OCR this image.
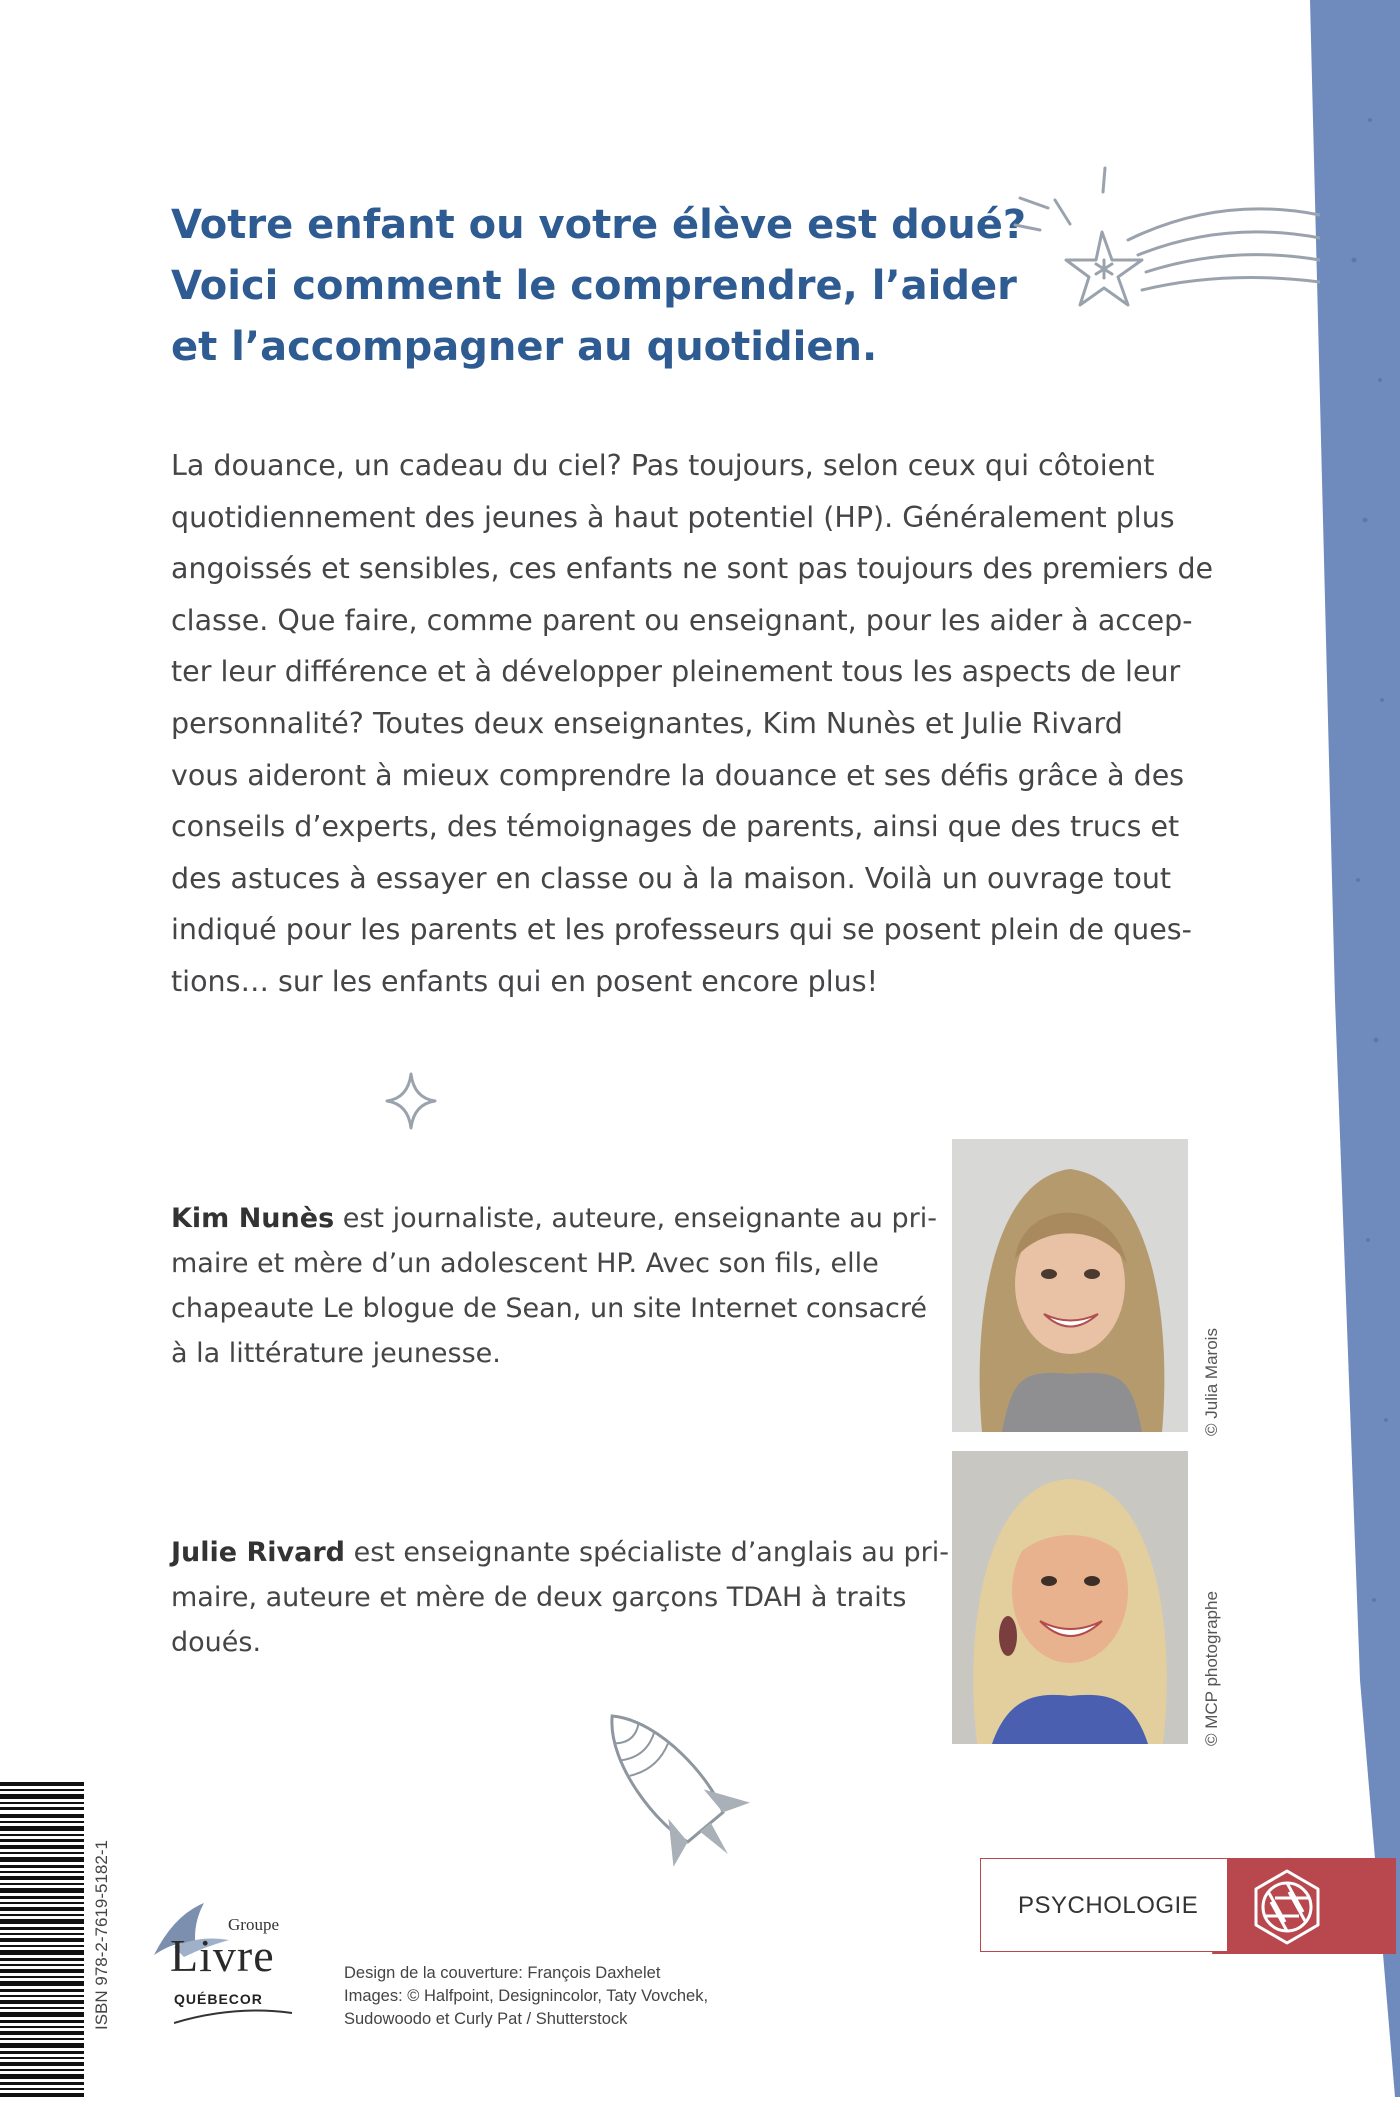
Votre enfant ou votre élève est doué?
Voici comment le comprendre, l’aider
et l’accompagner au quotidien.
La douance, un cadeau du ciel? Pas toujours, selon ceux qui côtoient
quotidiennement des jeunes à haut potentiel (HP). Généralement plus
angoissés et sensibles, ces enfants ne sont pas toujours des premiers de
classe. Que faire, comme parent ou enseignant, pour les aider à accep-
ter leur différence et à développer pleinement tous les aspects de leur
personnalité? Toutes deux enseignantes, Kim Nunès et Julie Rivard
vous aideront à mieux comprendre la douance et ses défis grâce à des
conseils d’experts, des témoignages de parents, ainsi que des trucs et
des astuces à essayer en classe ou à la maison. Voilà un ouvrage tout
indiqué pour les parents et les professeurs qui se posent plein de ques-
tions… sur les enfants qui en posent encore plus!
Kim Nunès est journaliste, auteure, enseignante au pri-
maire et mère d’un adolescent HP. Avec son fils, elle
chapeaute Le blogue de Sean, un site Internet consacré
à la littérature jeunesse.	© Julia Marois
Julie Rivard est enseignante spécialiste d’anglais au pri-
maire, auteure et mère de deux garçons TDAH à traits
doués.	© MCP photographe
ISBN 978-2-7619-5182-1	Groupe
Livre
QUÉBECOR
Design de la couverture: François Daxhelet
Images: © Halfpoint, Designincolor, Taty Vovchek,
Sudowoodo et Curly Pat / Shutterstock
PSYCHOLOGIE
